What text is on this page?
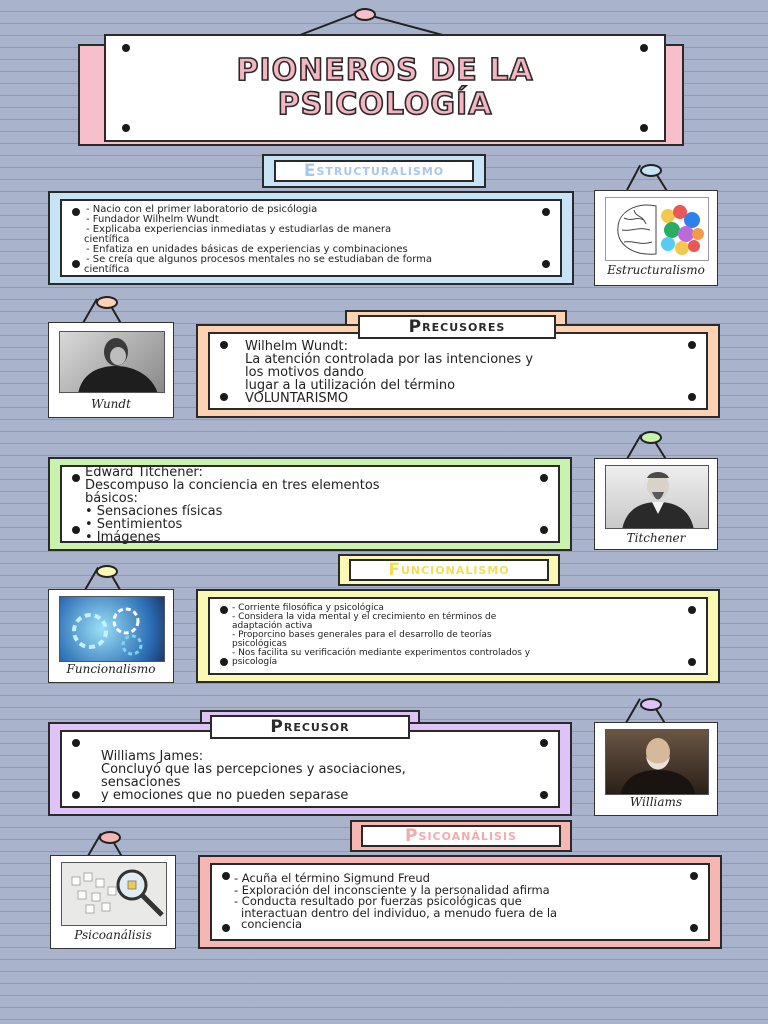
PIONEROS DE LA
PSICOLOGÍA
E STRUCTURALISMO
- Nacio con el primer laboratorio de psicólogia
- Fundador Wilhelm Wundt
- Explicaba experiencias inmediatas y estudiarlas de manera
científica
- Enfatiza en unidades básicas de experiencias y combinaciones
- Se creía que algunos procesos mentales no se estudiaban de forma
científica	Estructuralismo
Wundt
Wilhelm Wundt:
La atención controlada por las intenciones y
los motivos dando
lugar a la utilización del término
VOLUNTARISMO
P RECUSORES
Edward Titchener:
Descompuso la conciencia en tres elementos
básicos:
• Sensaciones físicas
• Sentimientos
• Imágenes	Titchener
F UNCIONALISMO
Funcionalismo
- Corriente filosófica y psicológica
- Considera la vida mental y el crecimiento en términos de
adaptación activa
- Proporcino bases generales para el desarrollo de teorías
psicológicas
- Nos facilita su verificación mediante experimentos controlados y
psicología
Williams James:
Concluyó que las percepciones y asociaciones,
sensaciones
y emociones que no pueden separase
P RECUSOR
Williams
P SICOANÁLISIS
Psicoanálisis
- Acuña el término Sigmund Freud
- Exploración del inconsciente y la personalidad afirma
- Conducta resultado por fuerzas psicológicas que
interactuan dentro del individuo, a menudo fuera de la
conciencia
